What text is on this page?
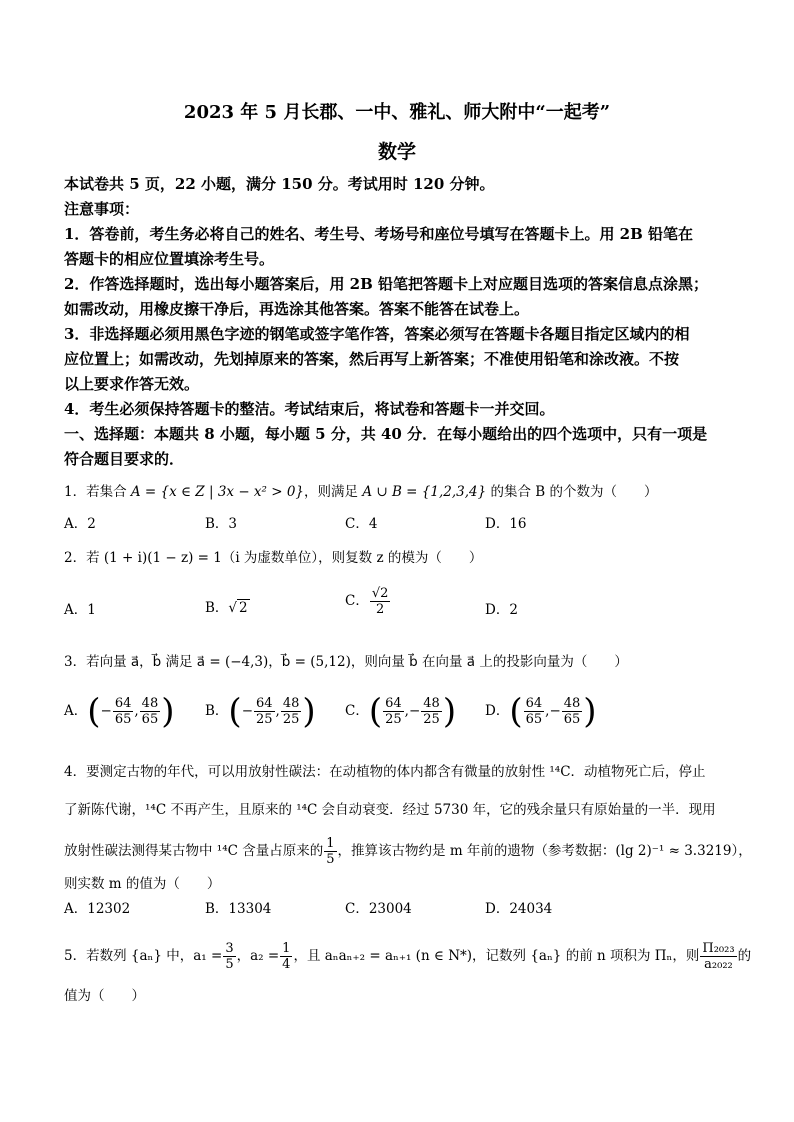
2023 年 5 月长郡、一中、雅礼、师大附中“一起考”
数学
本试卷共 5 页，22 小题，满分 150 分。考试用时 120 分钟。
注意事项：
1．答卷前，考生务必将自己的姓名、考生号、考场号和座位号填写在答题卡上。用 2B 铅笔在
答题卡的相应位置填涂考生号。
2．作答选择题时，选出每小题答案后，用 2B 铅笔把答题卡上对应题目选项的答案信息点涂黑；
如需改动，用橡皮擦干净后，再选涂其他答案。答案不能答在试卷上。
3．非选择题必须用黑色字迹的钢笔或签字笔作答，答案必须写在答题卡各题目指定区域内的相
应位置上；如需改动，先划掉原来的答案，然后再写上新答案；不准使用铅笔和涂改液。不按
以上要求作答无效。
4．考生必须保持答题卡的整洁。考试结束后，将试卷和答题卡一并交回。
一、选择题：本题共 8 小题，每小题 5 分，共 40 分．在每小题给出的四个选项中，只有一项是
符合题目要求的．
1．若集合 A = {x ∈ Z | 3x − x² > 0}，则满足 A ∪ B = {1,2,3,4} 的集合 B 的个数为（　　）
A．2	B．3	C．4	D．16
2．若 (1 + i)(1 − z) = 1（i 为虚数单位），则复数 z 的模为（　　）
A．1	B．√ 2	C． $\frac{√2}{2}$	D．2
3．若向量 a⃗，b⃗ 满足 a⃗ = (−4,3)，b⃗ = (5,12)，则向量 b⃗ 在向量 a⃗ 上的投影向量为（　　）
A．(− $\frac{64}{65}$ , $\frac{48}{65}$ ) B．(− $\frac{64}{25}$ , $\frac{48}{25}$ ) C．( $\frac{64}{25}$ ,− $\frac{48}{25}$ ) D．( $\frac{64}{65}$ ,− $\frac{48}{65}$ )
4．要测定古物的年代，可以用放射性碳法：在动植物的体内都含有微量的放射性 ¹⁴C．动植物死亡后，停止
了新陈代谢，¹⁴C 不再产生，且原来的 ¹⁴C 会自动衰变．经过 5730 年，它的残余量只有原始量的一半．现用
放射性碳法测得某古物中 ¹⁴C 含量占原来的 $\frac{1}{5}$ ，推算该古物约是 m 年前的遗物（参考数据：(lg 2)⁻¹ ≈ 3.3219），
则实数 m 的值为（　　）
A．12302	B．13304	C．23004	D．24034
5．若数列 {aₙ} 中，$a_1 = \frac{3}{5}$ ，$a_2 = \frac{1}{4}$ ，且 aₙaₙ₊₂ = aₙ₊₁ (n ∈ N*)，记数列 {aₙ} 的前 n 项积为 Πₙ，则 $\frac{\text{Π₂₀₂₃}}{\text{a₂₀₂₂}}$ 的
值为（　　）
